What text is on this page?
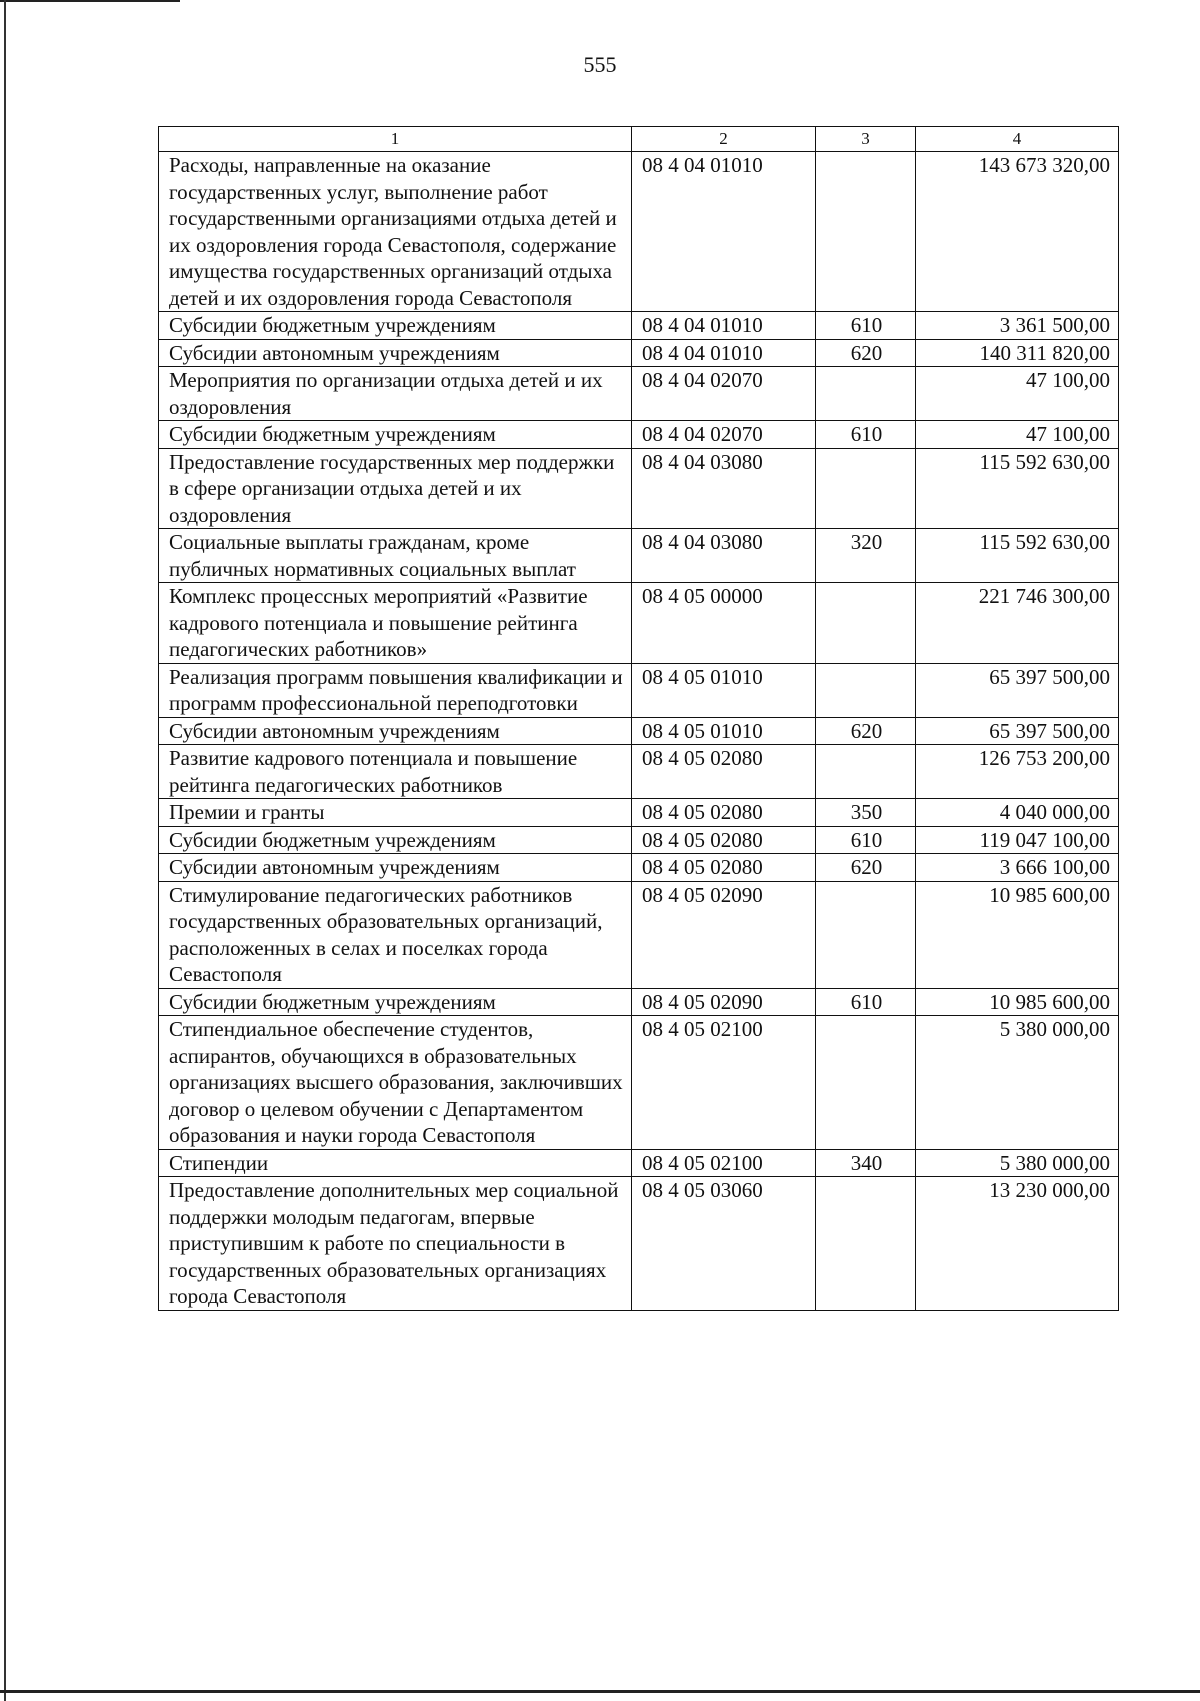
555
1	2	3	4
Расходы, направленные на оказание государственных услуг, выполнение работ государственными организациями отдыха детей и их оздоровления города Севастополя, содержание имущества государственных организаций отдыха детей и их оздоровления города Севастополя	08 4 04 01010		143 673 320,00
Субсидии бюджетным учреждениям	08 4 04 01010	610	3 361 500,00
Субсидии автономным учреждениям	08 4 04 01010	620	140 311 820,00
Мероприятия по организации отдыха детей и их оздоровления	08 4 04 02070		47 100,00
Субсидии бюджетным учреждениям	08 4 04 02070	610	47 100,00
Предоставление государственных мер поддержки в сфере организации отдыха детей и их оздоровления	08 4 04 03080		115 592 630,00
Социальные выплаты гражданам, кроме публичных нормативных социальных выплат	08 4 04 03080	320	115 592 630,00
Комплекс процессных мероприятий «Развитие кадрового потенциала и повышение рейтинга педагогических работников»	08 4 05 00000		221 746 300,00
Реализация программ повышения квалификации и программ профессиональной переподготовки	08 4 05 01010		65 397 500,00
Субсидии автономным учреждениям	08 4 05 01010	620	65 397 500,00
Развитие кадрового потенциала и повышение рейтинга педагогических работников	08 4 05 02080		126 753 200,00
Премии и гранты	08 4 05 02080	350	4 040 000,00
Субсидии бюджетным учреждениям	08 4 05 02080	610	119 047 100,00
Субсидии автономным учреждениям	08 4 05 02080	620	3 666 100,00
Стимулирование педагогических работников государственных образовательных организаций, расположенных в селах и поселках города Севастополя	08 4 05 02090		10 985 600,00
Субсидии бюджетным учреждениям	08 4 05 02090	610	10 985 600,00
Стипендиальное обеспечение студентов, аспирантов, обучающихся в образовательных организациях высшего образования, заключивших договор о целевом обучении с Департаментом образования и науки города Севастополя	08 4 05 02100		5 380 000,00
Стипендии	08 4 05 02100	340	5 380 000,00
Предоставление дополнительных мер социальной поддержки молодым педагогам, впервые приступившим к работе по специальности в государственных образовательных организациях города Севастополя	08 4 05 03060		13 230 000,00
